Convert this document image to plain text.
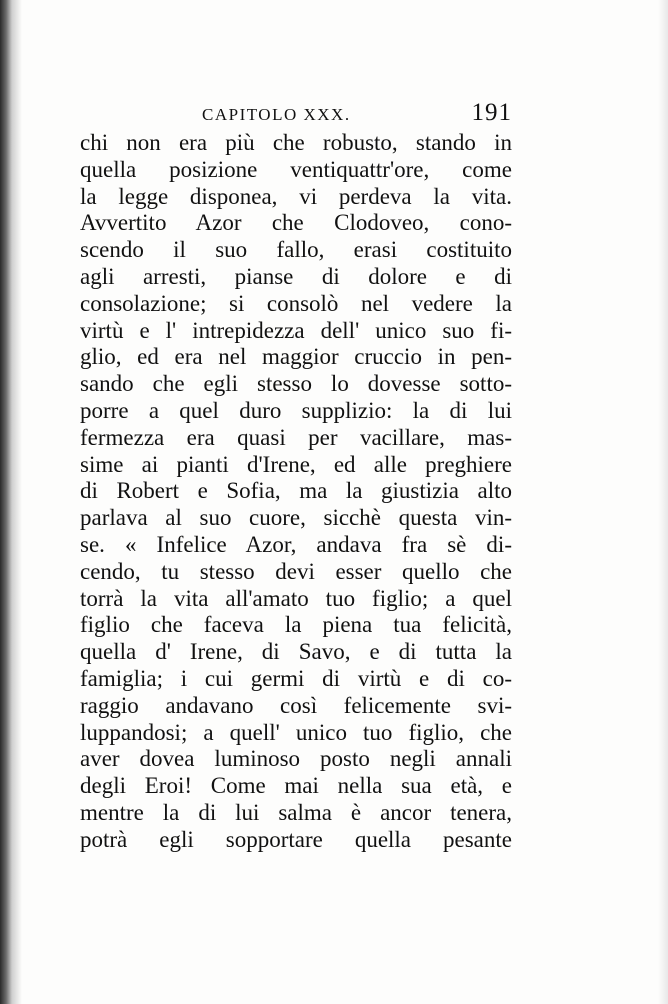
CAPITOLO XXX.	191
chi non era più che robusto, stando in
quella posizione ventiquattr'ore, come
la legge disponea, vi perdeva la vita.
Avvertito Azor che Clodoveo, cono-
scendo il suo fallo, erasi costituito
agli arresti, pianse di dolore e di
consolazione; si consolò nel vedere la
virtù e l' intrepidezza dell' unico suo fi-
glio, ed era nel maggior cruccio in pen-
sando che egli stesso lo dovesse sotto-
porre a quel duro supplizio: la di lui
fermezza era quasi per vacillare, mas-
sime ai pianti d'Irene, ed alle preghiere
di Robert e Sofia, ma la giustizia alto
parlava al suo cuore, sicchè questa vin-
se. « Infelice Azor, andava fra sè di-
cendo, tu stesso devi esser quello che
torrà la vita all'amato tuo figlio; a quel
figlio che faceva la piena tua felicità,
quella d' Irene, di Savo, e di tutta la
famiglia; i cui germi di virtù e di co-
raggio andavano così felicemente svi-
luppandosi; a quell' unico tuo figlio, che
aver dovea luminoso posto negli annali
degli Eroi! Come mai nella sua età, e
mentre la di lui salma è ancor tenera,
potrà egli sopportare quella pesante
